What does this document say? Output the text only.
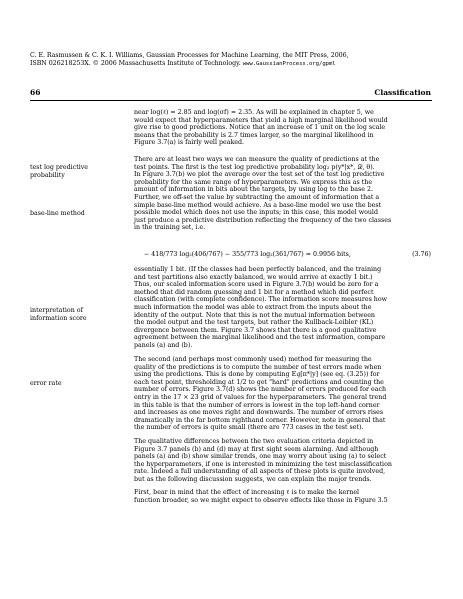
C. E. Rasmussen & C. K. I. Williams, Gaussian Processes for Machine Learning, the MIT Press, 2006,
ISBN 026218253X. © 2006 Massachusetts Institute of Technology. www.GaussianProcess.org/gpml
66	Classification
near log(ℓ) = 2.85 and log(σf) = 2.35. As will be explained in chapter 5, we
would expect that hyperparameters that yield a high marginal likelihood would
give rise to good predictions. Notice that an increase of 1 unit on the log scale
means that the probability is 2.7 times larger, so the marginal likelihood in
Figure 3.7(a) is fairly well peaked.
test log predictive
probability
There are at least two ways we can measure the quality of predictions at the
test points. The first is the test log predictive probability log₂ p(y*|x*, 𝒟, θ).
In Figure 3.7(b) we plot the average over the test set of the test log predictive
probability for the same range of hyperparameters. We express this as the
amount of information in bits about the targets, by using log to the base 2.
Further, we off-set the value by subtracting the amount of information that a
simple base-line method would achieve. As a base-line model we use the best
possible model which does not use the inputs; in this case, this model would
just produce a predictive distribution reflecting the frequency of the two classes
in the training set, i.e.
base-line method
− 418/773 log₂(406/767) − 355/773 log₂(361/767) = 0.9956 bits,	(3.76)
essentially 1 bit. (If the classes had been perfectly balanced, and the training
and test partitions also exactly balanced, we would arrive at exactly 1 bit.)
Thus, our scaled information score used in Figure 3.7(b) would be zero for a
method that did random guessing and 1 bit for a method which did perfect
classification (with complete confidence). The information score measures how
much information the model was able to extract from the inputs about the
identity of the output. Note that this is not the mutual information between
the model output and the test targets, but rather the Kullback-Leibler (KL)
divergence between them. Figure 3.7 shows that there is a good qualitative
agreement between the marginal likelihood and the test information, compare
panels (a) and (b).
interpretation of
information score
The second (and perhaps most commonly used) method for measuring the
quality of the predictions is to compute the number of test errors made when
using the predictions. This is done by computing E𝑞[π*|y] (see eq. (3.25)) for
each test point, thresholding at 1/2 to get "hard" predictions and counting the
number of errors. Figure 3.7(d) shows the number of errors produced for each
entry in the 17 × 23 grid of values for the hyperparameters. The general trend
in this table is that the number of errors is lowest in the top left-hand corner
and increases as one moves right and downwards. The number of errors rises
dramatically in the far bottom righthand corner. However, note in general that
the number of errors is quite small (there are 773 cases in the test set).
error rate
The qualitative differences between the two evaluation criteria depicted in
Figure 3.7 panels (b) and (d) may at first sight seem alarming. And although
panels (a) and (b) show similar trends, one may worry about using (a) to select
the hyperparameters, if one is interested in minimizing the test misclassification
rate. Indeed a full understanding of all aspects of these plots is quite involved,
but as the following discussion suggests, we can explain the major trends.
First, bear in mind that the effect of increasing ℓ is to make the kernel
function broader, so we might expect to observe effects like those in Figure 3.5
